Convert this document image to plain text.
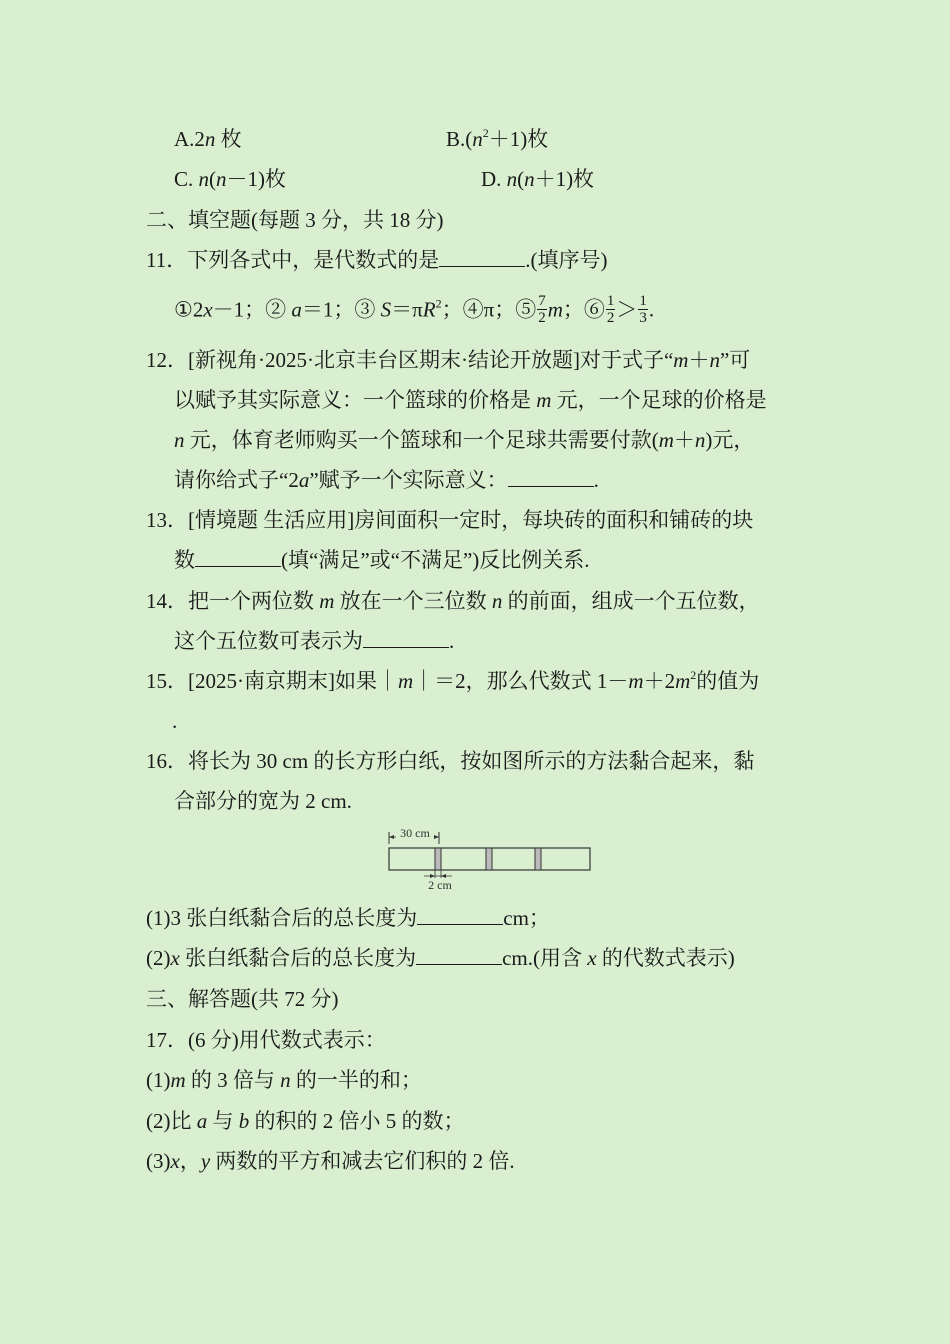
A.2n 枚	$B.(n^2+1)$枚
C. n(n－1)枚	D. n(n＋1)枚
二、填空题(每题 3 分，共 18 分)
11．下列各式中，是代数式的是	.(填序号)
①2x－1；② a＝1；③ $S=\pi R^2$；④π；⑤ $\frac{7}{2}$ m；⑥ $\frac{1}{2} > \frac{1}{3}$ .
12．[新视角·2025·北京丰台区期末·结论开放题]对于式子“m＋n”可
以赋予其实际意义：一个篮球的价格是 m 元，一个足球的价格是
n 元，体育老师购买一个篮球和一个足球共需要付款(m＋n)元，
请你给式子“2a”赋予一个实际意义：	.
13．[情境题 生活应用]房间面积一定时，每块砖的面积和铺砖的块
数	(填“满足”或“不满足”)反比例关系.
14．把一个两位数 m 放在一个三位数 n 的前面，组成一个五位数，
这个五位数可表示为	.
15．[2025·南京期末]如果｜m｜＝2，那么代数式 $1-m+2m^2$的值为
.
16．将长为 30 cm 的长方形白纸，按如图所示的方法黏合起来，黏
合部分的宽为 2 cm.
30 cm
2 cm
(1)3 张白纸黏合后的总长度为	cm；
(2)x 张白纸黏合后的总长度为	cm.(用含 x 的代数式表示)
三、解答题(共 72 分)
17．(6 分)用代数式表示：
(1)m 的 3 倍与 n 的一半的和；
(2)比 a 与 b 的积的 2 倍小 5 的数；
(3)x，y 两数的平方和减去它们积的 2 倍.
